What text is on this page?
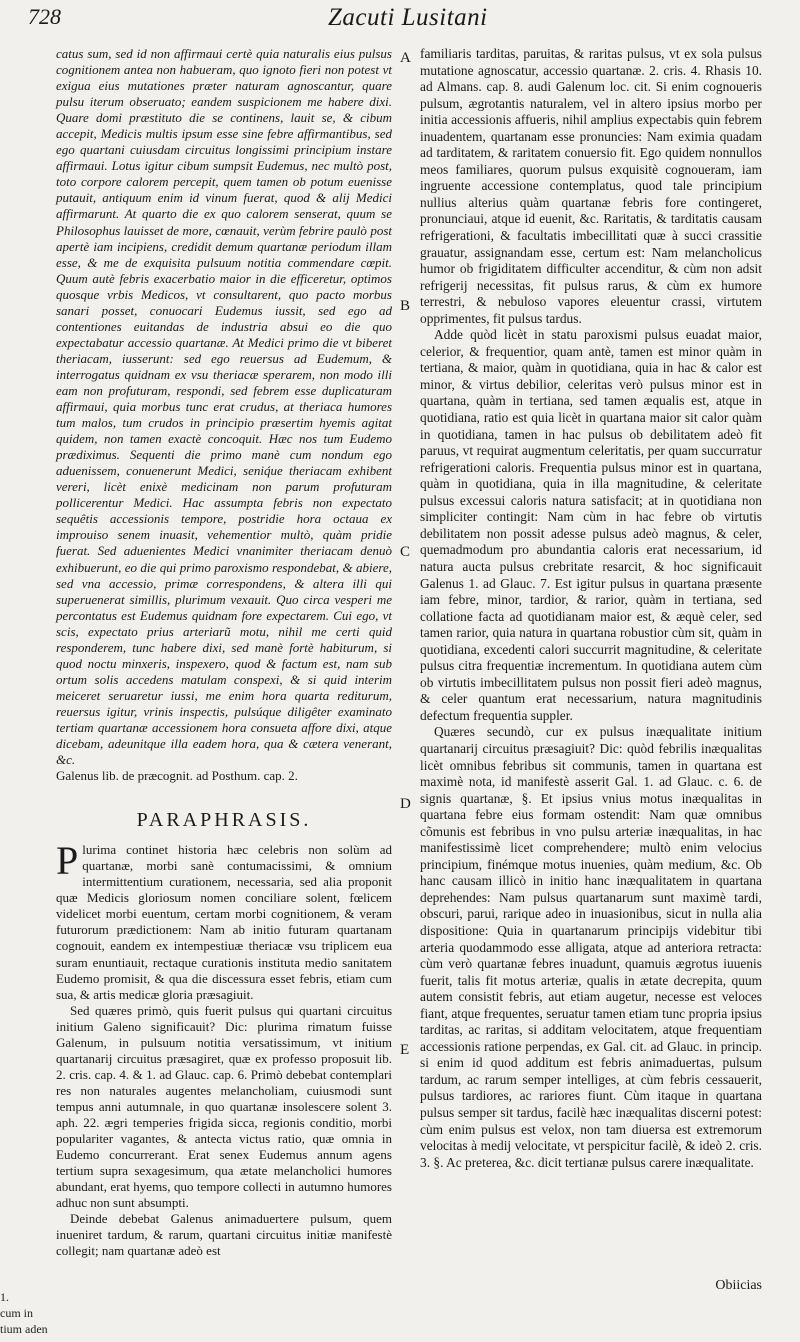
728	Zacuti Lusitani

catus sum, sed id non affirmaui certè quia naturalis eius pulsus cognitionem antea non habueram, quo ignoto fieri non potest vt exigua eius mutationes præter naturam agnoscantur, quare pulsu iterum obseruato; eandem suspicionem me habere dixi. Quare domi præstituto die se continens, lauit se, & cibum accepit, Medicis multis ipsum esse sine febre affirmantibus, sed ego quartani cuiusdam circuitus longissimi principium instare affirmaui. Lotus igitur cibum sumpsit Eudemus, nec multò post, toto corpore calorem percepit, quem tamen ob potum euenisse putauit, antiquum enim id vinum fuerat, quod & alij Medici affirmarunt. At quarto die ex quo calorem senserat, quum se Philosophus lauisset de more, cœnauit, verùm febrire paulò post apertè iam incipiens, credidit demum quartanæ periodum illam esse, & me de exquisita pulsuum notitia commendare cœpit. Quum autè febris exacerbatio maior in die efficeretur, optimos quosque vrbis Medicos, vt consultarent, quo pacto morbus sanari posset, conuocari Eudemus iussit, sed ego ad contentiones euitandas de industria absui eo die quo expectabatur accessio quartanæ. At Medici primo die vt biberet theriacam, iusserunt: sed ego reuersus ad Eudemum, & interrogatus quidnam ex vsu theriacæ sperarem, non modo illi eam non profuturam, respondi, sed febrem esse duplicaturam affirmaui, quia morbus tunc erat crudus, at theriaca humores tum malos, tum crudos in principio præsertim hyemis agitat quidem, non tamen exactè concoquit. Hæc nos tum Eudemo prædiximus. Sequenti die primo manè cum nondum ego aduenissem, conuenerunt Medici, seniq́ue theriacam exhibent vereri, licèt enixè medicinam non parum profuturam pollicerentur Medici. Hac assumpta febris non expectato sequêtis accessionis tempore, postridie hora octaua ex improuiso senem inuasit, vehementior multò, quàm pridie fuerat. Sed aduenientes Medici vnanimiter theriacam denuò exhibuerunt, eo die qui primo paroxismo respondebat, & abiere, sed vna accessio, primæ correspondens, & altera illi qui superuenerat simillis, plurimum vexauit. Quo circa vesperi me percontatus est Eudemus quidnam fore expectarem. Cui ego, vt scis, expectato prius arteriarũ motu, nihil me certi quid responderem, tunc habere dixi, sed manè fortè habiturum, si quod noctu minxeris, inspexero, quod & factum est, nam sub ortum solis accedens matulam conspexi, & si quid interim meiceret seruaretur iussi, me enim hora quarta rediturum, reuersus igitur, vrinis inspectis, pulsúque diligêter examinato tertiam quartanæ accessionem hora consueta affore dixi, atque dicebam, adeunitque illa eadem hora, qua & cætera venerant, &c.

Galenus lib. de præcognit. ad Posthum. cap. 2.

PARAPHRASIS.

Plurima continet historia hæc celebris non solùm ad quartanæ, morbi sanè contumacissimi, & omnium intermittentium curationem, necessaria, sed alia proponit quæ Medicis gloriosum nomen conciliare solent, fœlicem videlicet morbi euentum, certam morbi cognitionem, & veram futurorum prædictionem: Nam ab initio futuram quartanam cognouit, eandem ex intempestiuæ theriacæ vsu triplicem eua suram enuntiauit, rectaque curationis instituta medio sanitatem Eudemo promisit, & qua die discessura esset febris, etiam cum sua, & artis medicæ gloria præsagiuit.

Sed quæres primò, quis fuerit pulsus qui quartani circuitus initium Galeno significauit? Dic: plurima rimatum fuisse Galenum, in pulsuum notitia versatissimum, vt initium quartanarij circuitus præsagiret, quæ ex professo proposuit lib. 2. cris. cap. 4. & 1. ad Glauc. cap. 6. Primò debebat contemplari res non naturales augentes melancholiam, cuiusmodi sunt tempus anni autumnale, in quo quartanæ insolescere solent 3. aph. 22. ægri temperies frigida sicca, regionis conditio, morbi populariter vagantes, & antecta victus ratio, quæ omnia in Eudemo concurrerant. Erat senex Eudemus annum agens tertium supra sexagesimum, qua ætate melancholici humores abundant, erat hyems, quo tempore collecti in autumno humores adhuc non sunt absumpti.

Deinde debebat Galenus animaduertere pulsum, quem inueniret tardum, & rarum, quartani circuitus initiæ manifestè collegit; nam quartanæ adeò est

A
B
C
D
E

familiaris tarditas, paruitas, & raritas pulsus, vt ex sola pulsus mutatione agnoscatur, accessio quartanæ. 2. cris. 4. Rhasis 10. ad Almans. cap. 8. audi Galenum loc. cit. Si enim cognoueris pulsum, ægrotantis naturalem, vel in altero ipsius morbo per initia accessionis affueris, nihil amplius expectabis quin febrem inuadentem, quartanam esse pronuncies: Nam eximia quadam ad tarditatem, & raritatem conuersio fit. Ego quidem nonnullos meos familiares, quorum pulsus exquisitè cognoueram, iam ingruente accessione contemplatus, quod tale principium nullius alterius quàm quartanæ febris fore contingeret, pronunciaui, atque id euenit, &c. Raritatis, & tarditatis causam refrigerationi, & facultatis imbecillitati quæ à succi crassitie grauatur, assignandam esse, certum est: Nam melancholicus humor ob frigiditatem difficulter accenditur, & cùm non adsit refrigerij necessitas, fit pulsus rarus, & cùm ex humore terrestri, & nebuloso vapores eleuentur crassi, virtutem opprimentes, fit pulsus tardus.

Adde quòd licèt in statu paroxismi pulsus euadat maior, celerior, & frequentior, quam antè, tamen est minor quàm in tertiana, & maior, quàm in quotidiana, quia in hac & calor est minor, & virtus debilior, celeritas verò pulsus minor est in quartana, quàm in tertiana, sed tamen æqualis est, atque in quotidiana, ratio est quia licèt in quartana maior sit calor quàm in quotidiana, tamen in hac pulsus ob debilitatem adeò fit paruus, vt requirat augmentum celeritatis, per quam succurratur refrigerationi caloris. Frequentia pulsus minor est in quartana, quàm in quotidiana, quia in illa magnitudine, & celeritate pulsus excessui caloris natura satisfacit; at in quotidiana non simpliciter contingit: Nam cùm in hac febre ob virtutis debilitatem non possit adesse pulsus adeò magnus, & celer, quemadmodum pro abundantia caloris erat necessarium, id natura aucta pulsus crebritate resarcit, & hoc significauit Galenus 1. ad Glauc. 7. Est igitur pulsus in quartana præsente iam febre, minor, tardior, & rarior, quàm in tertiana, sed collatione facta ad quotidianam maior est, & æquè celer, sed tamen rarior, quia natura in quartana robustior cùm sit, quàm in quotidiana, excedenti calori succurrit magnitudine, & celeritate pulsus citra frequentiæ incrementum. In quotidiana autem cùm ob virtutis imbecillitatem pulsus non possit fieri adeò magnus, & celer quantum erat necessarium, natura magnitudinis defectum frequentia suppler.

Quæres secundò, cur ex pulsus inæqualitate initium quartanarij circuitus præsagiuit? Dic: quòd febrilis inæqualitas licèt omnibus febribus sit communis, tamen in quartana est maximè nota, id manifestè asserit Gal. 1. ad Glauc. c. 6. de signis quartanæ, §. Et ipsius vnius motus inæqualitas in quartana febre eius formam ostendit: Nam quæ omnibus cõmunis est febribus in vno pulsu arteriæ inæqualitas, in hac manifestissimè licet comprehendere; multò enim velocius principium, finémque motus inuenies, quàm medium, &c. Ob hanc causam illicò in initio hanc inæqualitatem in quartana deprehendes: Nam pulsus quartanarum sunt maximè tardi, obscuri, parui, rarique adeo in inuasionibus, sicut in nulla alia dispositione: Quia in quartanarum principijs videbitur tibi arteria quodammodo esse alligata, atque ad anteriora retracta: cùm verò quartanæ febres inuadunt, quamuis ægrotus iuuenis fuerit, talis fit motus arteriæ, qualis in ætate decrepita, quum autem consistit febris, aut etiam augetur, necesse est veloces fiant, atque frequentes, seruatur tamen etiam tunc propria ipsius tarditas, ac raritas, si additam velocitatem, atque frequentiam accessionis ratione perpendas, ex Gal. cit. ad Glauc. in princip. si enim id quod additum est febris animaduertas, pulsum tardum, ac rarum semper intelliges, at cùm febris cessauerit, pulsus tardiores, ac rariores fiunt. Cùm itaque in quartana pulsus semper sit tardus, facilè hæc inæqualitas discerni potest: cùm enim pulsus est velox, non tam diuersa est extremorum velocitas à medij velocitate, vt perspicitur facilè, & ideò 2. cris. 3. §. Ac preterea, &c. dicit tertianæ pulsus carere inæqualitate.

Obiicias
1.
cum in
tium aden
